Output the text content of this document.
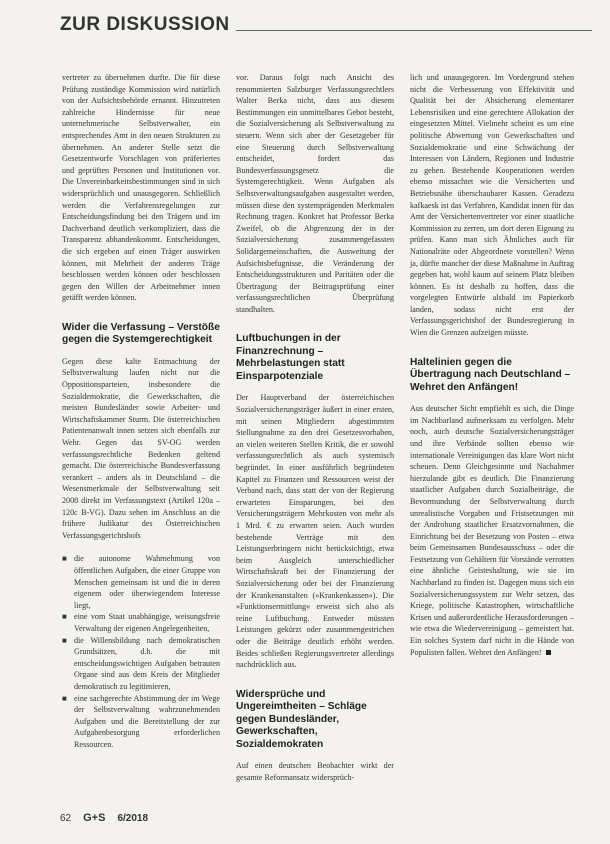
ZUR DISKUSSION

vertreter zu übernehmen durfte. Die für diese Prüfung zuständige Kommission wird natürlich von der Aufsichtsbehörde ernannt. Hinzutreten zahlreiche Hindernisse für neue unternehmerische Selbstverwalter, ein entsprechendes Amt in den neuen Strukturen zu übernehmen. An anderer Stelle setzt die Gesetzentwurfe Vorschlagen von präferiertes und geprüften Personen und Institutionen vor. Die Unvereinbarkeitsbestimmungen sind in sich widersprüchlich und unausgegoren. Schließlich werden die Verfahrensregelungen zur Entscheidungsfindung bei den Trägern und im Dachverband deutlich verkompliziert, dass die Transparenz abhandenkommt. Entscheidungen, die sich ergeben auf einen Träger auswirken können, mit Mehrheit der anderen Träge beschlossen werden können oder beschlossen gegen den Willen der Arbeitnehmer innen getäfft werden können.

Wider die Verfassung – Verstöße gegen die Systemgerechtigkeit

Gegen diese kalte Entmachtung der Selbstverwaltung laufen nicht nur die Oppositionsparteien, insbesondere die Sozialdemokratie, die Gewerkschaften, die meisten Bundesländer sowie Arbeiter- und Wirtschaftskammer Sturm. Die österreichischen Patientenanwalt innen setzen sich ebenfalls zur Wehr. Gegen das SV-OG werden verfassungsrechtliche Bedenken geltend gemacht. Die österreichische Bundesverfassung verankert – anders als in Deutschland – die Wesensmerkmale der Selbstverwaltung seit 2008 direkt im Verfassungstext (Artikel 120a – 120c B-VG). Dazu sehen im Anschluss an die frühere Judikatur des Österreichischen Verfassungsgerichtshofs

■ die autonome Wahrnehmung von öffentlichen Aufgaben, die einer Gruppe von Menschen gemeinsam ist und die in deren eigenem oder überwiegendem Interesse liegt,
■ eine vom Staat unabhängige, weisungsfreie Verwaltung der eigenen Angelegenheiten,
■ die Willensbildung nach demokratischen Grundsätzen, d.h. die mit entscheidungswichtigen Aufgaben betrauten Organe sind aus dem Kreis der Mitglieder demokratisch zu legitimieren,
■ eine sachgerechte Abstimmung der im Wege der Selbstverwaltung wahrzunehmenden Aufgaben und die Bereitstellung der zur Aufgabenbesorgung erforderlichen Ressourcen.

vor. Daraus folgt nach Ansicht des renommierten Salzburger Verfassungsrechtlers Walter Berka nicht, dass aus diesem Bestimmungen ein unmittelbares Gebot besteht, die Sozialversicherung als Selbstverwaltung zu steuern. Wenn sich aber der Gesetzgeber für eine Steuerung durch Selbstverwaltung entscheidet, fordert das Bundesverfassungsgesetz die Systemgerechtigkeit. Wenn Aufgaben als Selbstverwaltungsaufgaben ausgestaltet werden, müssen diese den systemprägenden Merkmalen Rechnung tragen. Konkret hat Professor Berka Zweifel, ob die Abgrenzung der in der Sozialversicherung zusammengefassten Solidargemeinschaften, die Ausweitung der Aufsichtsbefugnisse, die Veränderung der Entscheidungsstrukturen und Paritäten oder die Übertragung der Beitragsprüfung einer verfassungsrechtlichen Überprüfung standhalten.

Luftbuchungen in der Finanzrechnung – Mehrbelastungen statt Einsparpotenziale

Der Hauptverband der österreichischen Sozialversicherungsträger äußert in einer ersten, mit seinen Mitgliedern abgestimmten Stellungnahme zu den drei Gesetzesvorhaben, an vielen weiteren Stellen Kritik, die er sowohl verfassungsrechtlich als auch systemisch begründet. In einer ausführlich begründeten Kapitel zu Finanzen und Ressourcen weist der Verband nach, dass statt der von der Regierung erwarteten Einsparungen, bei den Versicherungsträgern Mehrkosten von mehr als 1 Mrd. € zu erwarten seien. Auch wurden bestehende Verträge mit den Leistungserbringern nicht berücksichtigt, etwa beim Ausgleich unterschiedlicher Wirtschaftskraft bei der Finanzierung der Sozialversicherung oder bei der Finanzierung der Krankenanstalten (»Krankenkassen«). Die »Funktionsermittlung« erweist sich also als reine Luftbuchung. Entweder müssten Leistungen gekürzt oder zusammengestrichen oder die Beiträge deutlich erhöht werden. Beides schließen Regierungsvertreter allerdings nachdrücklich aus.

Widersprüche und Ungereimtheiten – Schläge gegen Bundesländer, Gewerkschaften, Sozialdemokraten

Auf einen deutschen Beobachter wirkt der gesamte Reformansatz widersprüch-

lich und unausgegoren. Im Vordergrund stehen nicht die Verbesserung von Effektivität und Qualität bei der Absicherung elementarer Lebensrisiken und eine gerechtere Allokation der eingesetzten Mittel. Vielmehr scheint es um eine politische Abwertung von Gewerkschaften und Sozialdemokratie und eine Schwächung der Interessen von Ländern, Regionen und Industrie zu gehen. Bestehende Kooperationen werden ebenso missachtet wie die Versicherten und Betriebsnähe überschaubarer Kassen. Geradezu kafkaesk ist das Verfahren, Kandidat innen für das Amt der Versichertenvertreter vor einer staatliche Kommission zu zerren, um dort deren Eignung zu prüfen. Kann man sich Ähnliches auch für Nationalräte oder Abgeordnete vorstellen? Wenn ja, dürfte mancher der diese Maßnahme in Auftrag gegeben hat, wohl kaum auf seinem Platz bleiben können. Es ist deshalb zu hoffen, dass die vorgelegten Entwürfe alsbald im Papierkorb landen, sodass nicht erst der Verfassungsgerichtshof der Bundesregierung in Wien die Grenzen aufzeigen müsste.

Haltelinien gegen die Übertragung nach Deutschland – Wehret den Anfängen!

Aus deutscher Sicht empfiehlt es sich, die Dinge im Nachbarland aufmerksam zu verfolgen. Mehr noch, auch deutsche Sozialversicherungsträger und ihre Verbände sollten ebenso wie internationale Vereinigungen das klare Wort nicht scheuen. Denn Gleichgesinnte und Nachahmer hierzulande gibt es deutlich. Die Finanzierung staatlicher Aufgaben durch Sozialbeiträge, die Bevormundung der Selbstverwaltung durch unrealistische Vorgaben und Fristsetzungen mit der Androhung staatlicher Ersatzvornahmen, die Einrichtung bei der Besetzung von Posten – etwa beim Gemeinsamen Bundesausschuss – oder die Festsetzung von Gehältern für Vorstände verrotten eine ähnliche Geisteshaltung, wie sie im Nachbarland zu finden ist. Dagegen muss sich ein Sozialversicherungssystem zur Wehr setzen, das Kriege, politische Katastrophen, wirtschaftliche Krisen und außerordentliche Herausforderungen – wie etwa die Wiedervereinigung – gemeistert hat. Ein solches System darf nicht in die Hände von Populisten fallen. Wehret den Anfängen!

62 G+S 6/2018
